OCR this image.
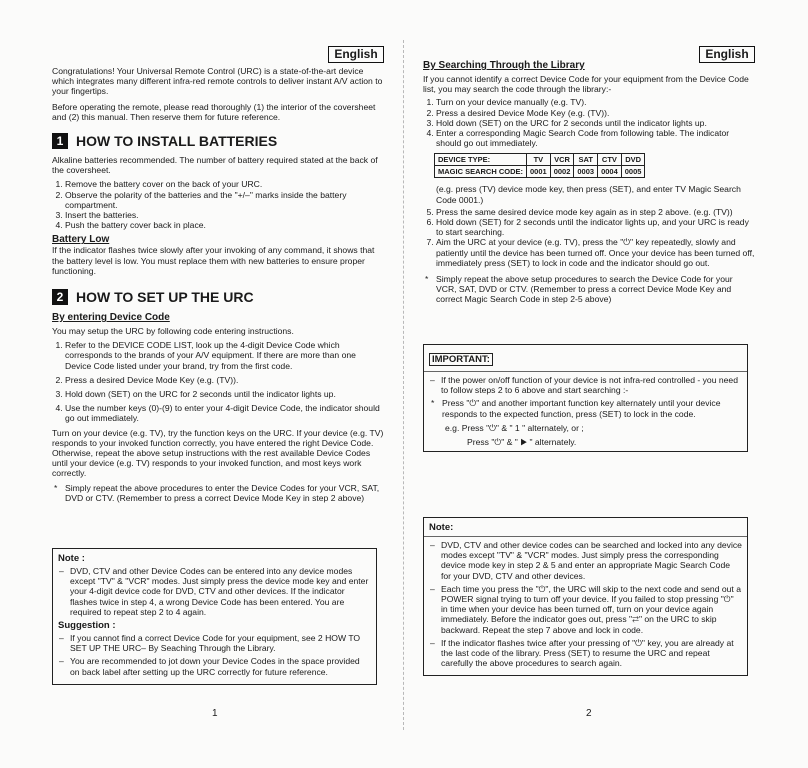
English

Congratulations! Your Universal Remote Control (URC) is a state-of-the-art device which integrates many different infra-red remote controls to deliver instant A/V action to your fingertips.

Before operating the remote, please read thoroughly (1) the interior of the coversheet and (2) this manual. Then reserve them for future reference.

1 HOW TO INSTALL BATTERIES

Alkaline batteries recommended. The number of battery required stated at the back of the coversheet.

1. Remove the battery cover on the back of your URC.
2. Observe the polarity of the batteries and the "+/–" marks inside the battery compartment.
3. Insert the batteries.
4. Push the battery cover back in place.
Battery Low

If the indicator flashes twice slowly after your invoking of any command, it shows that the battery level is low. You must replace them with new batteries to ensure proper functioning.

2 HOW TO SET UP THE URC
By entering Device Code

You may setup the URC by following code entering instructions.

1. Refer to the DEVICE CODE LIST, look up the 4-digit Device Code which corresponds to the brands of your A/V equipment. If there are more than one Device Code listed under your brand, try from the first code.
2. Press a desired Device Mode Key (e.g. (TV)).
3. Hold down (SET) on the URC for 2 seconds until the indicator lights up.
4. Use the number keys (0)-(9) to enter your 4-digit Device Code, the indicator should go out immediately.

Turn on your device (e.g. TV), try the function keys on the URC. If your device (e.g. TV) responds to your invoked function correctly, you have entered the right Device Code. Otherwise, repeat the above setup instructions with the rest available Device Codes until your device (e.g. TV) responds to your invoked function, and most keys work correctly.

* Simply repeat the above procedures to enter the Device Codes for your VCR, SAT, DVD or CTV. (Remember to press a correct Device Mode Key in step 2 above)
Note :
– DVD, CTV and other Device Codes can be entered into any device modes except "TV" & "VCR" modes. Just simply press the device mode key and enter your 4-digit device code for DVD, CTV and other devices. If the indicator flashes twice in step 4, a wrong Device Code has been entered. You are required to repeat step 2 to 4 again.
Suggestion :
– If you cannot find a correct Device Code for your equipment, see 2 HOW TO SET UP THE URC– By Seaching Through the Library.
– You are recommended to jot down your Device Codes in the space provided on back label after setting up the URC correctly for future reference.
1
English
By Searching Through the Library

If you cannot identify a correct Device Code for your equipment from the Device Code list, you may search the code through the library:-

1. Turn on your device manually (e.g. TV).
2. Press a desired Device Mode Key (e.g. (TV)).
3. Hold down (SET) on the URC for 2 seconds until the indicator lights up.
4. Enter a corresponding Magic Search Code from following table. The indicator should go out immediately.
DEVICE TYPE:	TV	VCR	SAT	CTV	DVD
MAGIC SEARCH CODE:	0001	0002	0003	0004	0005

(e.g. press (TV) device mode key, then press (SET), and enter TV Magic Search Code 0001.)

5. Press the same desired device mode key again as in step 2 above. (e.g. (TV))
6. Hold down (SET) for 2 seconds until the indicator lights up, and your URC is ready to start searching.
7. Aim the URC at your device (e.g. TV), press the "⏻" key repeatedly, slowly and patiently until the device has been turned off. Once your device has been turned off, immediately press (SET) to lock in code and the indicator should go out.
* Simply repeat the above setup procedures to search the Device Code for your VCR, SAT, DVD or CTV. (Remember to press a correct Device Mode Key and correct Magic Search Code in step 2-5 above)
IMPORTANT:
– If the power on/off function of your device is not infra-red controlled - you need to follow steps 2 to 6 above and start searching :-
* Press "⏻" and another important function key alternately until your device responds to the expected function, press (SET) to lock in the code.

e.g. Press "⏻" & " 1 " alternately, or ;

Press "⏻" & " ▶ " alternately.

Note:
– DVD, CTV and other device codes can be searched and locked into any device modes except "TV" & "VCR" modes. Just simply press the corresponding device mode key in step 2 & 5 and enter an appropriate Magic Search Code for your DVD, CTV and other devices.
– Each time you press the "⏻", the URC will skip to the next code and send out a POWER signal trying to turn off your device. If you failed to stop pressing "⏻" in time when your device has been turned off, turn on your device again immediately. Before the indicator goes out, press "⇄" on the URC to skip backward. Repeat the step 7 above and lock in code.
– If the indicator flashes twice after your pressing of "⏻" key, you are already at the last code of the library. Press (SET) to resume the URC and repeat carefully the above procedures to search again.
2
